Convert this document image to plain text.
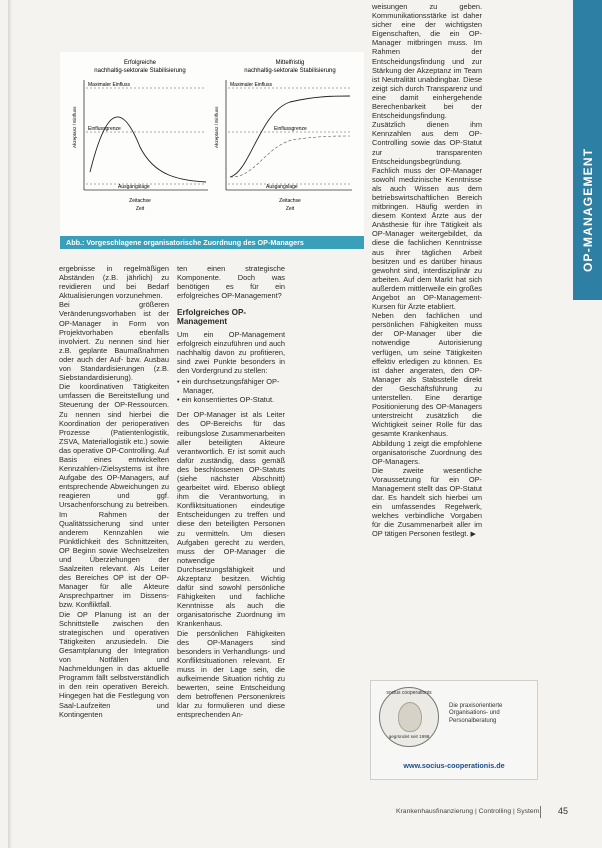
Erfolgreiche
nachhaltig-sektorale Stabilisierung
Akzeptanz / Einfluss
Maximaler Einfluss
Einflussgrenze
Ausgangslage
Zeitachse
Zeit
Mittelfristig
nachhaltig-sektorale Stabilisierung
Akzeptanz / Einfluss
Maximaler Einfluss
Einflussgrenze
Ausgangslage
Zeitachse
Zeit
Abb.: Vorgeschlagene organisatorische Zuordnung des OP-Managers

ergebnisse in regelmäßigen Abständen (z.B. jährlich) zu revidieren und bei Bedarf Aktualisierungen vorzunehmen.

Bei größeren Veränderungsvorhaben ist der OP-Manager in Form von Projektvorhaben ebenfalls involviert. Zu nennen sind hier z.B. geplante Baumaßnahmen oder auch der Auf- bzw. Ausbau von Standardisierungen (z.B. Siebstandardisierung).

Die koordinativen Tätigkeiten umfassen die Bereitstellung und Steuerung der OP-Ressourcen. Zu nennen sind hierbei die Koordination der perioperativen Prozesse (Patientenlogistik, ZSVA, Materiallogistik etc.) sowie das operative OP-Controlling. Auf Basis eines entwickelten Kennzahlen-/Zielsystems ist ihre Aufgabe des OP-Managers, auf entsprechende Abweichungen zu reagieren und ggf. Ursachenforschung zu betreiben. Im Rahmen der Qualitätssicherung sind unter anderem Kennzahlen wie Pünktlichkeit des Schnittzeiten, OP Beginn sowie Wechselzeiten und Überziehungen der Saalzeiten relevant. Als Leiter des Bereiches OP ist der OP-Manager für alle Akteure Ansprechpartner im Dissens- bzw. Konfliktfall.

Die OP Planung ist an der Schnittstelle zwischen den strategischen und operativen Tätigkeiten anzusiedeln. Die Gesamtplanung der Integration von Notfällen und Nachmeldungen in das aktuelle Programm fällt selbstverständlich in den rein operativen Bereich. Hingegen hat die Festlegung von Saal-Laufzeiten und Kontingenten

ten einen strategische Komponente. Doch was benötigen es für ein erfolgreiches OP-Management?

Erfolgreiches OP-Management

Um ein OP-Management erfolgreich einzuführen und auch nachhaltig davon zu profitieren, sind zwei Punkte besonders in den Vordergrund zu stellen:

• ein durchsetzungsfähiger OP-Manager,
• ein konsentiertes OP-Statut.

Der OP-Manager ist als Leiter des OP-Bereichs für das reibungslose Zusammenarbeiten aller beteiligten Akteure verantwortlich. Er ist somit auch dafür zuständig, dass gemäß des beschlossenen OP-Statuts (siehe nächster Abschnitt) gearbeitet wird. Ebenso obliegt ihm die Verantwortung, in Konfliktsituationen eindeutige Entscheidungen zu treffen und diese den beteiligten Personen zu vermitteln. Um diesen Aufgaben gerecht zu werden, muss der OP-Manager die notwendige Durchsetzungsfähigkeit und Akzeptanz besitzen. Wichtig dafür sind sowohl persönliche Fähigkeiten und fachliche Kenntnisse als auch die organisatorische Zuordnung im Krankenhaus.

Die persönlichen Fähigkeiten des OP-Managers sind besonders in Verhandlungs- und Konfliktsituationen relevant. Er muss in der Lage sein, die aufkeimende Situation richtig zu bewerten, seine Entscheidung dem betroffenen Personenkreis klar zu formulieren und diese entsprechenden An-

weisungen zu geben. Kommunikationsstärke ist daher sicher eine der wichtigsten Eigenschaften, die ein OP-Manager mitbringen muss. Im Rahmen der Entscheidungsfindung und zur Stärkung der Akzeptanz im Team ist Neutralität unabdingbar. Diese zeigt sich durch Transparenz und eine damit einhergehende Berechenbarkeit bei der Entscheidungsfindung. Zusätzlich dienen ihm Kennzahlen aus dem OP-Controlling sowie das OP-Statut zur transparenten Entscheidungsbegründung.

Fachlich muss der OP-Manager sowohl medizinische Kenntnisse als auch Wissen aus dem betriebswirtschaftlichen Bereich mitbringen. Häufig werden in diesem Kontext Ärzte aus der Anästhesie für ihre Tätigkeit als OP-Manager weitergebildet, da diese die fachlichen Kenntnisse aus ihrer täglichen Arbeit besitzen und es darüber hinaus gewohnt sind, interdisziplinär zu arbeiten. Auf dem Markt hat sich außerdem mittlerweile ein großes Angebot an OP-Management-Kursen für Ärzte etabliert.

Neben den fachlichen und persönlichen Fähigkeiten muss der OP-Manager über die notwendige Autorisierung verfügen, um seine Tätigkeiten effektiv erledigen zu können. Es ist daher angeraten, den OP-Manager als Stabsstelle direkt der Geschäftsführung zu unterstellen. Eine derartige Positionierung des OP-Managers unterstreicht zusätzlich die Wichtigkeit seiner Rolle für das gesamte Krankenhaus.

Abbildung 1 zeigt die empfohlene organisatorische Zuordnung des OP-Managers.

Die zweite wesentliche Voraussetzung für ein OP-Management stellt das OP-Statut dar. Es handelt sich hierbei um ein umfassendes Regelwerk, welches verbindliche Vorgaben für die Zusammenarbeit aller im OP tätigen Personen festlegt. ▶

OP-MANAGEMENT
socius cooperationis
gegründet seit 1998
Die praxisorientierte Organisations- und Personalberatung
www.socius-cooperationis.de
Krankenhausfinanzierung | Controlling | System 45
